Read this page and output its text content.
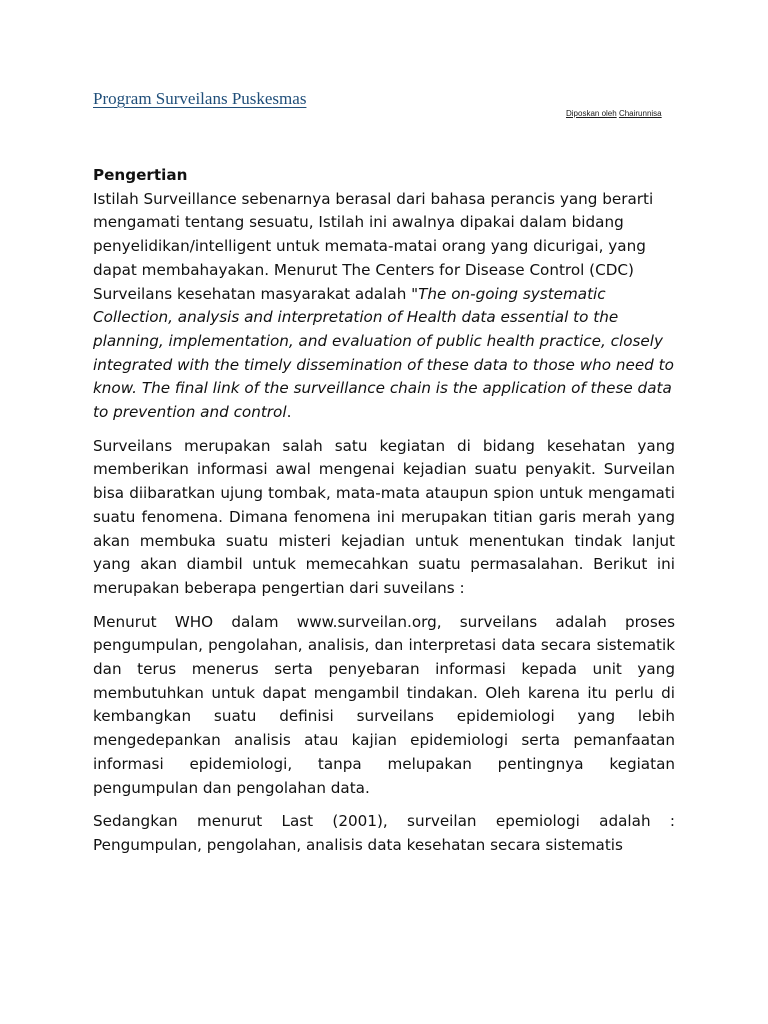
Program Surveilans Puskesmas
Diposkan oleh Chairunnisa

Pengertian

Istilah Surveillance sebenarnya berasal dari bahasa perancis yang berarti mengamati tentang sesuatu, Istilah ini awalnya dipakai dalam bidang penyelidikan/intelligent untuk memata-matai orang yang dicurigai, yang dapat membahayakan. Menurut The Centers for Disease Control (CDC) Surveilans kesehatan masyarakat adalah "The on-going systematic Collection, analysis and interpretation of Health data essential to the planning, implementation, and evaluation of public health practice, closely integrated with the timely dissemination of these data to those who need to know. The final link of the surveillance chain is the application of these data to prevention and control.

Surveilans merupakan salah satu kegiatan di bidang kesehatan yang memberikan informasi awal mengenai kejadian suatu penyakit. Surveilan bisa diibaratkan ujung tombak, mata-mata ataupun spion untuk mengamati suatu fenomena. Dimana fenomena ini merupakan titian garis merah yang akan membuka suatu misteri kejadian untuk menentukan tindak lanjut yang akan diambil untuk memecahkan suatu permasalahan. Berikut ini merupakan beberapa pengertian dari suveilans :

Menurut WHO dalam www.surveilan.org, surveilans adalah proses pengumpulan, pengolahan, analisis, dan interpretasi data secara sistematik dan terus menerus serta penyebaran informasi kepada unit yang membutuhkan untuk dapat mengambil tindakan. Oleh karena itu perlu di kembangkan suatu definisi surveilans epidemiologi yang lebih mengedepankan analisis atau kajian epidemiologi serta pemanfaatan informasi epidemiologi, tanpa melupakan pentingnya kegiatan pengumpulan dan pengolahan data.

Sedangkan menurut Last (2001), surveilan epemiologi adalah : Pengumpulan, pengolahan, analisis data kesehatan secara sistematis
